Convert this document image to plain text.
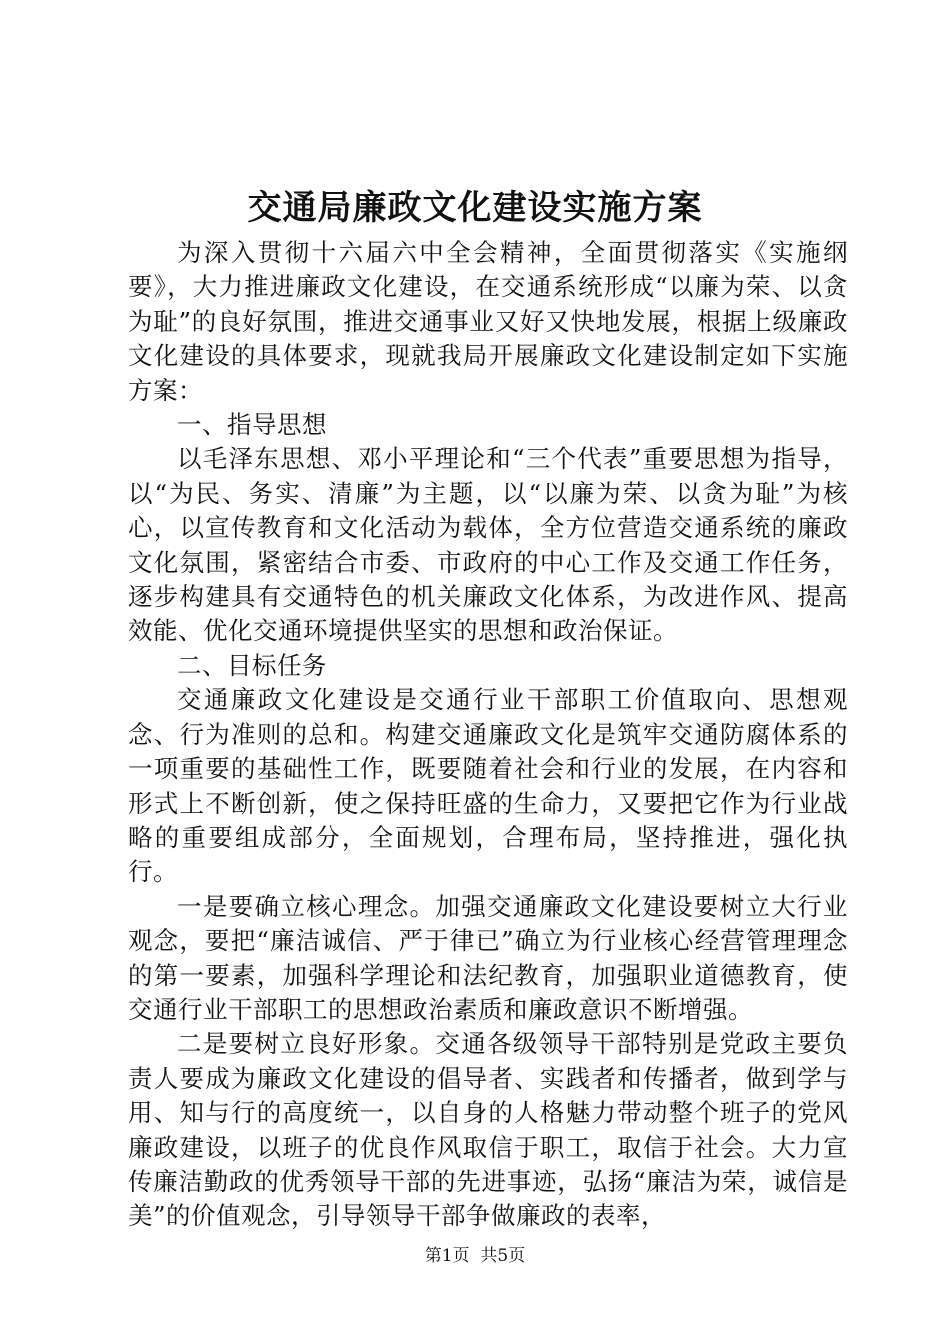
交通局廉政文化建设实施方案

为深入贯彻十六届六中全会精神，全面贯彻落实《实施纲要》，大力推进廉政文化建设，在交通系统形成“以廉为荣、以贪为耻”的良好氛围，推进交通事业又好又快地发展，根据上级廉政文化建设的具体要求，现就我局开展廉政文化建设制定如下实施方案：

一、指导思想

以毛泽东思想、邓小平理论和“三个代表”重要思想为指导，以“为民、务实、清廉”为主题，以“以廉为荣、以贪为耻”为核心，以宣传教育和文化活动为载体，全方位营造交通系统的廉政文化氛围，紧密结合市委、市政府的中心工作及交通工作任务，逐步构建具有交通特色的机关廉政文化体系，为改进作风、提高效能、优化交通环境提供坚实的思想和政治保证。

二、目标任务

交通廉政文化建设是交通行业干部职工价值取向、思想观念、行为准则的总和。构建交通廉政文化是筑牢交通防腐体系的一项重要的基础性工作，既要随着社会和行业的发展，在内容和形式上不断创新，使之保持旺盛的生命力，又要把它作为行业战略的重要组成部分，全面规划，合理布局，坚持推进，强化执行。

一是要确立核心理念。加强交通廉政文化建设要树立大行业观念，要把“廉洁诚信、严于律已”确立为行业核心经营管理理念的第一要素，加强科学理论和法纪教育，加强职业道德教育，使交通行业干部职工的思想政治素质和廉政意识不断增强。

二是要树立良好形象。交通各级领导干部特别是党政主要负责人要成为廉政文化建设的倡导者、实践者和传播者，做到学与用、知与行的高度统一，以自身的人格魅力带动整个班子的党风廉政建设，以班子的优良作风取信于职工，取信于社会。大力宣传廉洁勤政的优秀领导干部的先进事迹，弘扬“廉洁为荣，诚信是美”的价值观念，引导领导干部争做廉政的表率，

第1页 共5页
